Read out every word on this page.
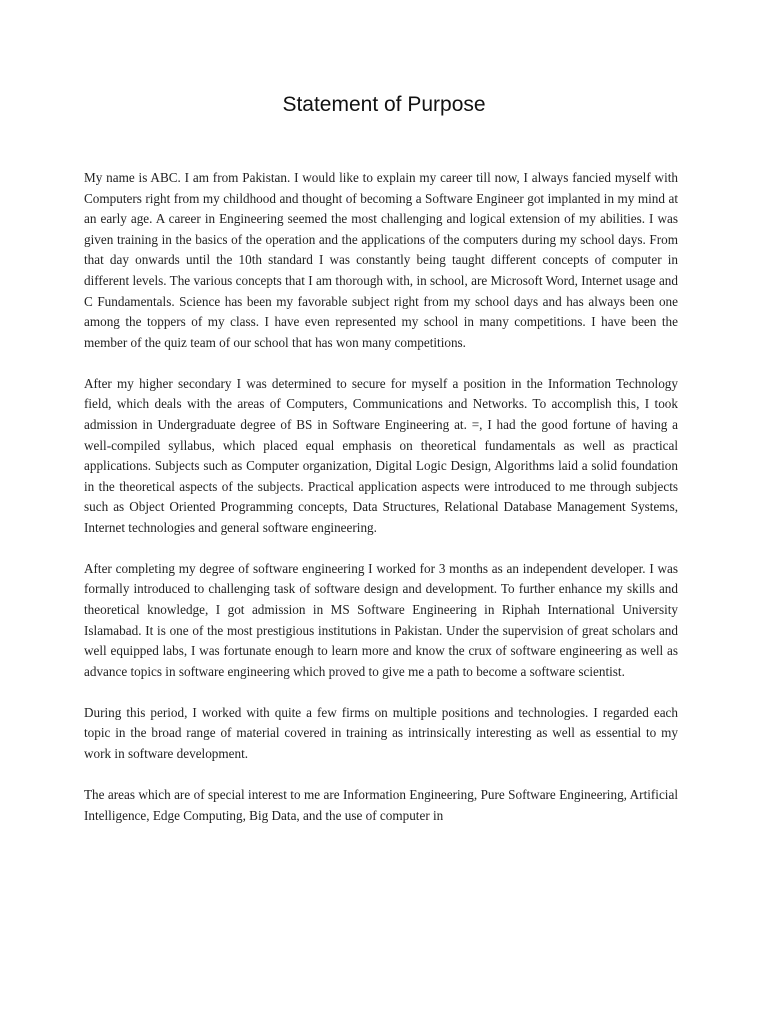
Statement of Purpose

My name is ABC. I am from Pakistan. I would like to explain my career till now, I always fancied myself with Computers right from my childhood and thought of becoming a Software Engineer got implanted in my mind at an early age. A career in Engineering seemed the most challenging and logical extension of my abilities. I was given training in the basics of the operation and the applications of the computers during my school days. From that day onwards until the 10th standard I was constantly being taught different concepts of computer in different levels. The various concepts that I am thorough with, in school, are Microsoft Word, Internet usage and C Fundamentals. Science has been my favorable subject right from my school days and has always been one among the toppers of my class. I have even represented my school in many competitions. I have been the member of the quiz team of our school that has won many competitions.

After my higher secondary I was determined to secure for myself a position in the Information Technology field, which deals with the areas of Computers, Communications and Networks. To accomplish this, I took admission in Undergraduate degree of BS in Software Engineering at. =, I had the good fortune of having a well-compiled syllabus, which placed equal emphasis on theoretical fundamentals as well as practical applications. Subjects such as Computer organization, Digital Logic Design, Algorithms laid a solid foundation in the theoretical aspects of the subjects. Practical application aspects were introduced to me through subjects such as Object Oriented Programming concepts, Data Structures, Relational Database Management Systems, Internet technologies and general software engineering.

After completing my degree of software engineering I worked for 3 months as an independent developer. I was formally introduced to challenging task of software design and development. To further enhance my skills and theoretical knowledge, I got admission in MS Software Engineering in Riphah International University Islamabad. It is one of the most prestigious institutions in Pakistan. Under the supervision of great scholars and well equipped labs, I was fortunate enough to learn more and know the crux of software engineering as well as advance topics in software engineering which proved to give me a path to become a software scientist.

During this period, I worked with quite a few firms on multiple positions and technologies. I regarded each topic in the broad range of material covered in training as intrinsically interesting as well as essential to my work in software development.

The areas which are of special interest to me are Information Engineering, Pure Software Engineering, Artificial Intelligence, Edge Computing, Big Data, and the use of computer in
